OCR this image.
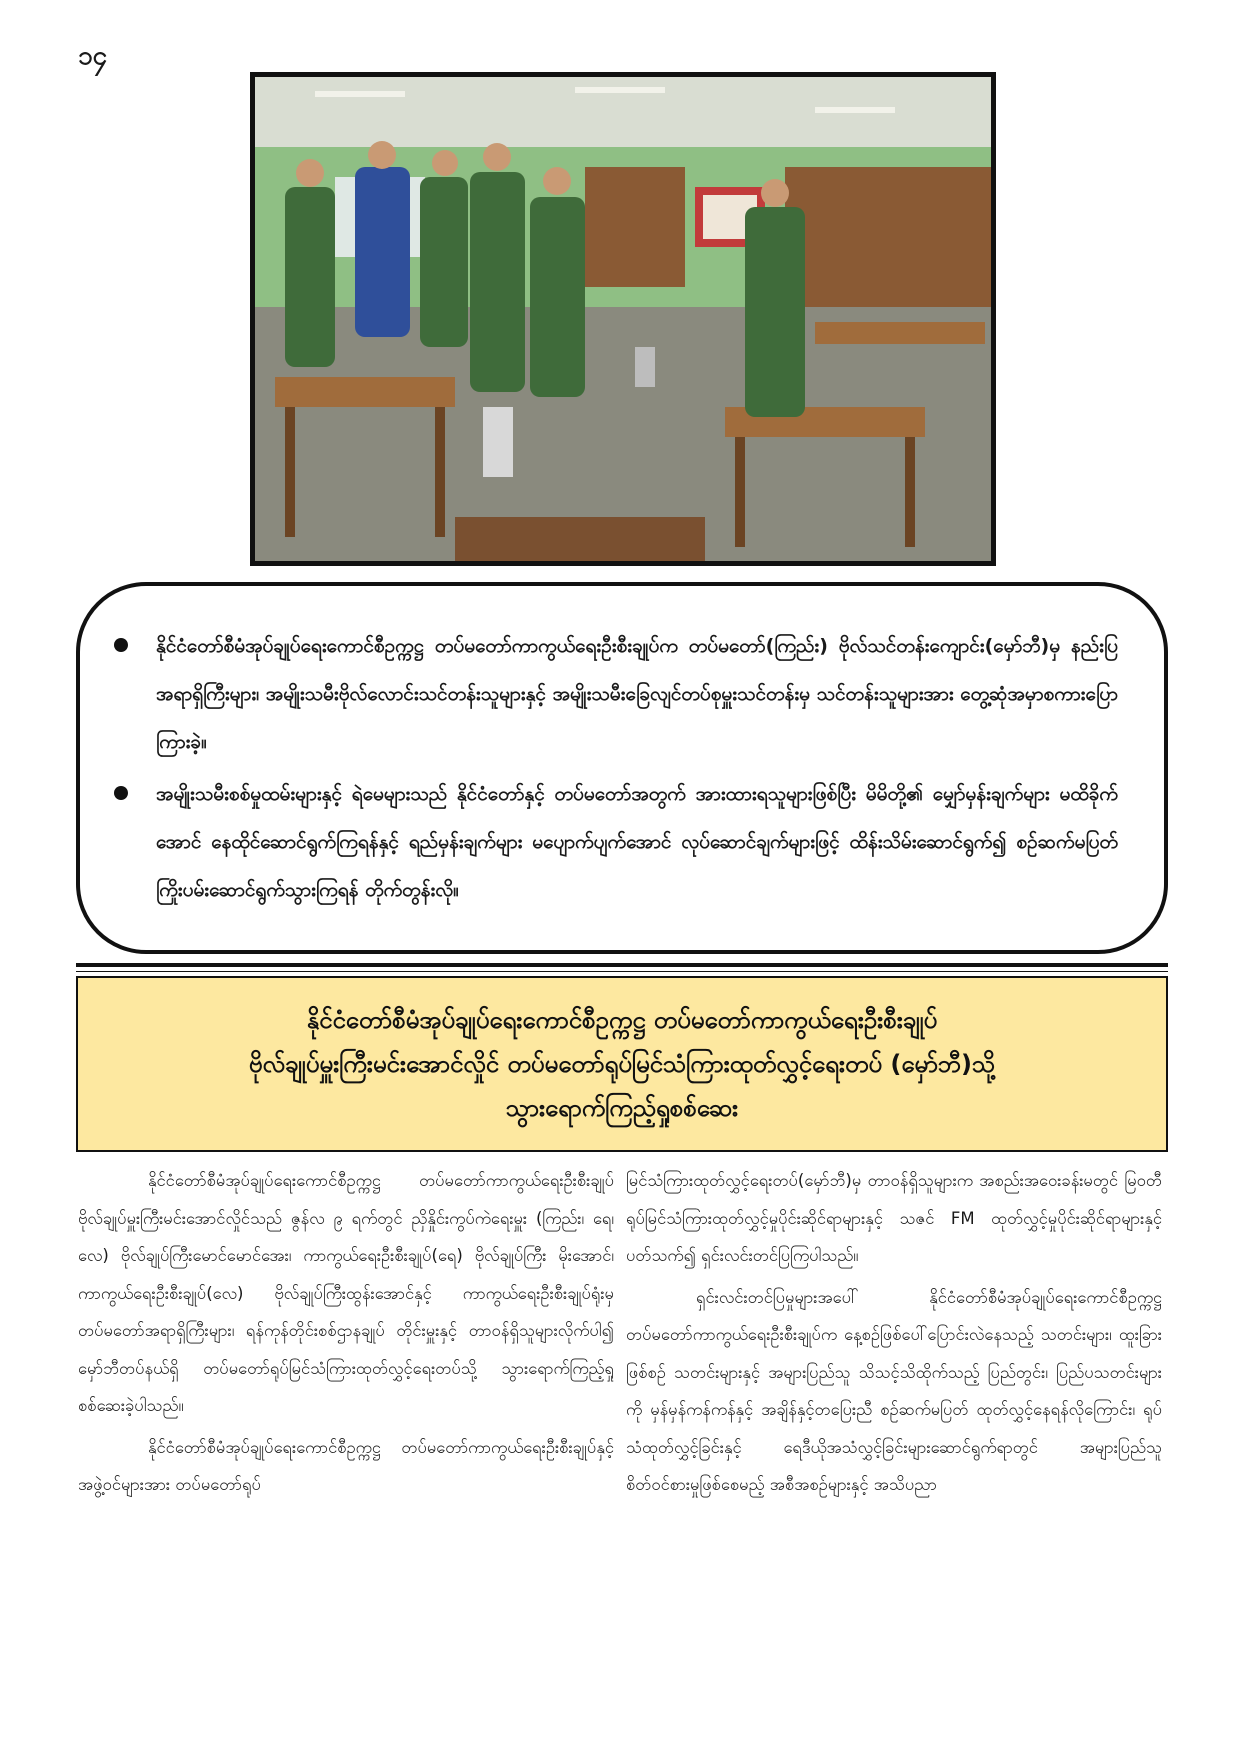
၁၄
နိုင်ငံတော်စီမံအုပ်ချုပ်ရေးကောင်စီဥက္ကဋ္ဌ တပ်မတော်ကာကွယ်ရေးဦးစီးချုပ်က တပ်မတော်(ကြည်း) ဗိုလ်သင်တန်းကျောင်း(မှော်ဘီ)မှ နည်းပြအရာရှိကြီးများ၊ အမျိုးသမီးဗိုလ်လောင်းသင်တန်းသူများနှင့် အမျိုးသမီးခြေလျင်တပ်စုမှူးသင်တန်းမှ သင်တန်းသူများအား တွေ့ဆုံအမှာစကားပြောကြားခဲ့။
အမျိုးသမီးစစ်မှုထမ်းများနှင့် ရဲမေများသည် နိုင်ငံတော်နှင့် တပ်မတော်အတွက် အားထားရသူများဖြစ်ပြီး မိမိတို့၏ မျှော်မှန်းချက်များ မထိခိုက်အောင် နေထိုင်ဆောင်ရွက်ကြရန်နှင့် ရည်မှန်းချက်များ မပျောက်ပျက်အောင် လုပ်ဆောင်ချက်များဖြင့် ထိန်းသိမ်းဆောင်ရွက်၍ စဉ်ဆက်မပြတ် ကြိုးပမ်းဆောင်ရွက်သွားကြရန် တိုက်တွန်းလို။
နိုင်ငံတော်စီမံအုပ်ချုပ်ရေးကောင်စီဥက္ကဋ္ဌ တပ်မတော်ကာကွယ်ရေးဦးစီးချုပ်
ဗိုလ်ချုပ်မှူးကြီးမင်းအောင်လှိုင် တပ်မတော်ရုပ်မြင်သံကြားထုတ်လွှင့်ရေးတပ် (မှော်ဘီ)သို့
သွားရောက်ကြည့်ရှုစစ်ဆေး

နိုင်ငံတော်စီမံအုပ်ချုပ်ရေးကောင်စီဥက္ကဋ္ဌ တပ်မတော်ကာကွယ်ရေးဦးစီးချုပ် ဗိုလ်ချုပ်မှူးကြီးမင်းအောင်လှိုင်သည် ဇွန်လ ၉ ရက်တွင် ညှိနှိုင်းကွပ်ကဲရေးမှူး (ကြည်း၊ ရေ၊ လေ) ဗိုလ်ချုပ်ကြီးမောင်မောင်အေး၊ ကာကွယ်ရေးဦးစီးချုပ်(ရေ) ဗိုလ်ချုပ်ကြီး မိုးအောင်၊ ကာကွယ်ရေးဦးစီးချုပ်(လေ) ဗိုလ်ချုပ်ကြီးထွန်းအောင်နှင့် ကာကွယ်ရေးဦးစီးချုပ်ရုံးမှ တပ်မတော်အရာရှိကြီးများ၊ ရန်ကုန်တိုင်းစစ်ဌာနချုပ် တိုင်းမှူးနှင့် တာဝန်ရှိသူများလိုက်ပါ၍ မှော်ဘီတပ်နယ်ရှိ တပ်မတော်ရုပ်မြင်သံကြားထုတ်လွှင့်ရေးတပ်သို့ သွားရောက်ကြည့်ရှုစစ်ဆေးခဲ့ပါသည်။

နိုင်ငံတော်စီမံအုပ်ချုပ်ရေးကောင်စီဥက္ကဋ္ဌ တပ်မတော်ကာကွယ်ရေးဦးစီးချုပ်နှင့်အဖွဲ့ဝင်များအား တပ်မတော်ရုပ်

မြင်သံကြားထုတ်လွှင့်ရေးတပ်(မှော်ဘီ)မှ တာဝန်ရှိသူများက အစည်းအဝေးခန်းမတွင် မြဝတီရုပ်မြင်သံကြားထုတ်လွှင့်မှုပိုင်းဆိုင်ရာများနှင့် သဇင် FM ထုတ်လွှင့်မှုပိုင်းဆိုင်ရာများနှင့်ပတ်သက်၍ ရှင်းလင်းတင်ပြကြပါသည်။

ရှင်းလင်းတင်ပြမှုများအပေါ် နိုင်ငံတော်စီမံအုပ်ချုပ်ရေးကောင်စီဥက္ကဋ္ဌ တပ်မတော်ကာကွယ်ရေးဦးစီးချုပ်က နေ့စဉ်ဖြစ်ပေါ်ပြောင်းလဲနေသည့် သတင်းများ၊ ထူးခြားဖြစ်စဉ် သတင်းများနှင့် အများပြည်သူ သိသင့်သိထိုက်သည့် ပြည်တွင်း၊ ပြည်ပသတင်းများကို မှန်မှန်ကန်ကန်နှင့် အချိန်နှင့်တပြေးညီ စဉ်ဆက်မပြတ် ထုတ်လွှင့်နေရန်လိုကြောင်း၊ ရုပ်သံထုတ်လွှင့်ခြင်းနှင့် ရေဒီယိုအသံလွှင့်ခြင်းများဆောင်ရွက်ရာတွင် အများပြည်သူစိတ်ဝင်စားမှုဖြစ်စေမည့် အစီအစဉ်များနှင့် အသိပညာ
